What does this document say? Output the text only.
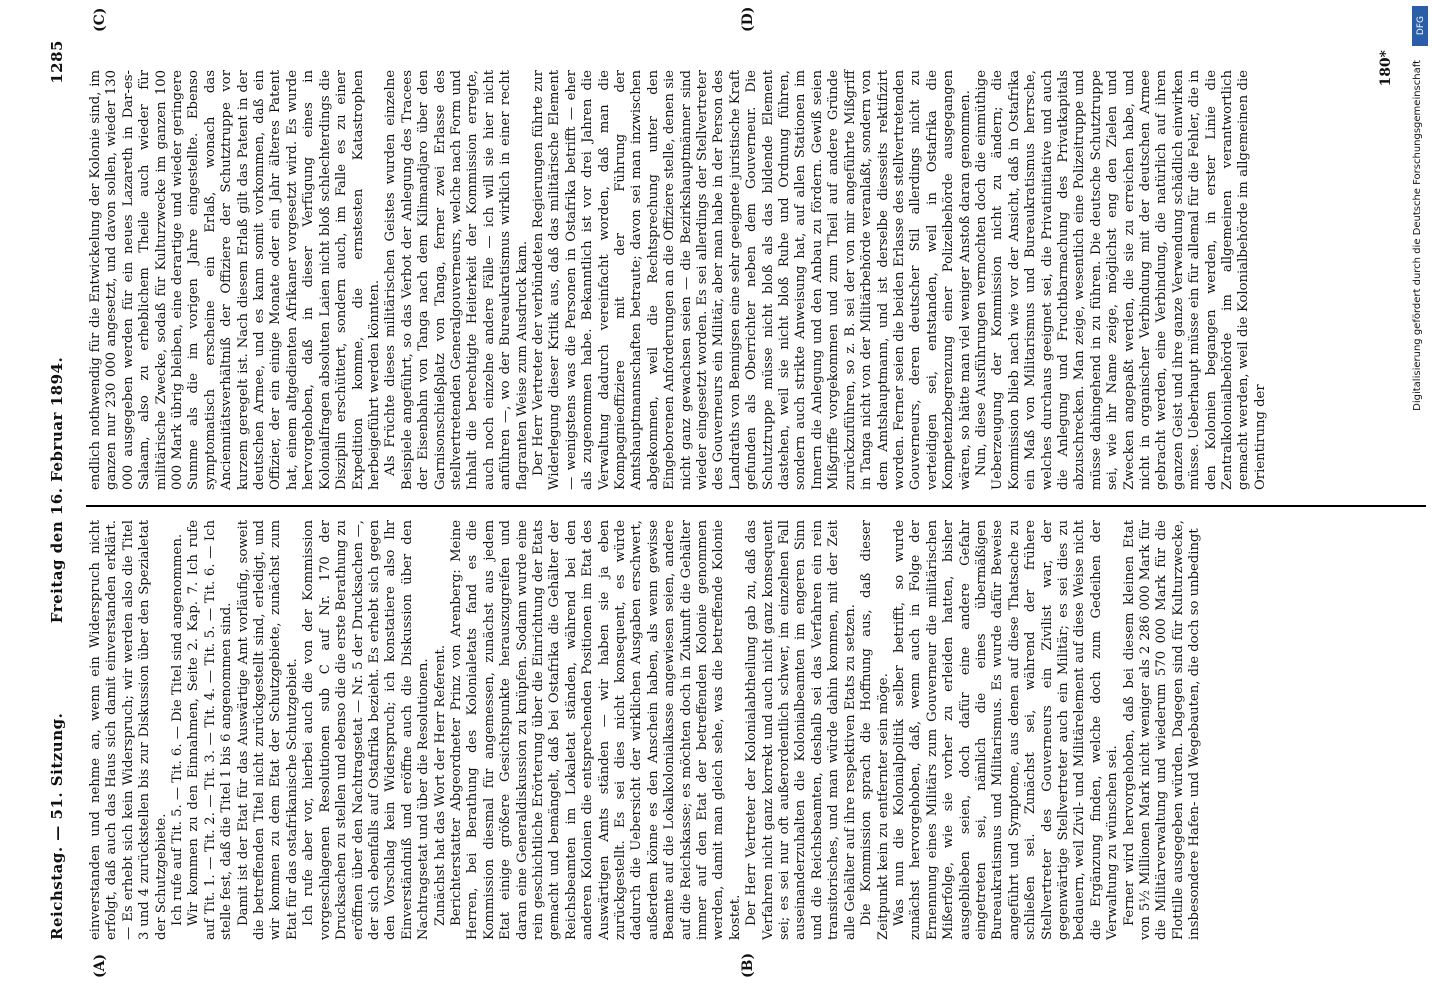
Reichstag. — 51. Sitzung.
Freitag den 16. Februar 1894.
1285
(A)	(B)
(C)	(D)

einverstanden und nehme an, wenn ein Widerspruch nicht erfolgt, daß auch das Haus sich damit einverstanden erklärt. — Es erhebt sich kein Widerspruch; wir werden also die Titel 3 und 4 zurückstellen bis zur Diskussion über den Spezialetat der Schutzgebiete. Ich rufe auf Tit. 5. — Tit. 6. — Die Titel sind angenommen. Wir kommen zu den Einnahmen, Seite 2. Kap. 7. Ich rufe auf Tit. 1. — Tit. 2. — Tit. 3. — Tit. 4. — Tit. 5. — Tit. 6. — Ich stelle fest, daß die Titel 1 bis 6 angenommen sind. Damit ist der Etat für das Auswärtige Amt vorläufig, soweit die betreffenden Titel nicht zurückgestellt sind, erledigt, und wir kommen zu dem Etat der Schutzgebiete, zunächst zum Etat für das ostafrikanische Schutzgebiet. Ich rufe aber vor, hierbei auch die von der Kommission vorgeschlagenen Resolutionen sub C auf Nr. 170 der Drucksachen zu stellen und ebenso die die erste Berathung zu eröffnen über den Nachtragsetat — Nr. 5 der Drucksachen —, der sich ebenfalls auf Ostafrika bezieht. Es erhebt sich gegen den Vorschlag kein Widerspruch; ich konstatiere also Ihr Einverständniß und eröffne auch die Diskussion über den Nachtragsetat und über die Resolutionen. Zunächst hat das Wort der Herr Referent. Berichterstatter Abgeordneter Prinz von Arenberg: Meine Herren, bei Berathung des Kolonialetats fand es die Kommission diesmal für angemessen, zunächst aus jedem Etat einige größere Gesichtspunkte herauszugreifen und daran eine Generaldiskussion zu knüpfen. Sodann wurde eine rein geschichtliche Erörterung über die Einrichtung der Etats gemacht und bemängelt, daß bei Ostafrika die Gehälter der Reichsbeamten im Lokaletat ständen, während bei den anderen Kolonien die entsprechenden Positionen im Etat des Auswärtigen Amts ständen — wir haben sie ja eben zurückgestellt. Es sei dies nicht konsequent, es würde dadurch die Uebersicht der wirklichen Ausgaben erschwert, außerdem könne es den Anschein haben, als wenn gewisse Beamte auf die Lokalkolonialkasse angewiesen seien, andere auf die Reichskasse; es möchten doch in Zukunft die Gehälter immer auf den Etat der betreffenden Kolonie genommen werden, damit man gleich sehe, was die betreffende Kolonie kostet. Der Herr Vertreter der Kolonialabtheilung gab zu, daß das Verfahren nicht ganz korrekt und auch nicht ganz konsequent sei; es sei nur oft außerordentlich schwer, im einzelnen Fall auseinanderzuhalten die Kolonialbeamten im engeren Sinn und die Reichsbeamten, deshalb sei das Verfahren ein rein transitorisches, und man würde dahin kommen, mit der Zeit alle Gehälter auf ihre respektiven Etats zu setzen. Die Kommission sprach die Hoffnung aus, daß dieser Zeitpunkt kein zu entfernter sein möge. Was nun die Kolonialpolitik selber betrifft, so wurde zunächst hervorgehoben, daß, wenn auch in Folge der Ernennung eines Militärs zum Gouverneur die militärischen Mißerfolge, wie sie vorher zu erleiden hatten, bisher ausgeblieben seien, doch dafür eine andere Gefahr eingetreten sei, nämlich die eines übermäßigen Bureaukratismus und Militarismus. Es wurde dafür Beweise angeführt und Symptome, aus denen auf diese Thatsache zu schließen sei. Zunächst sei, während der frühere Stellvertreter des Gouverneurs ein Zivilist war, der gegenwärtige Stellvertreter auch ein Militär; es sei dies zu bedauern, weil Zivil- und Militärelement auf diese Weise nicht die Ergänzung finden, welche doch zum Gedeihen der Verwaltung zu wünschen sei. Ferner wird hervorgehoben, daß bei diesem kleinen Etat von 5½ Millionen Mark nicht weniger als 2 286 000 Mark für die Militärverwaltung und wiederum 570 000 Mark für die Flottille ausgegeben würden. Dagegen sind für Kulturzwecke, insbesondere Hafen- und Wegebauten, die doch so unbedingt

endlich nothwendig für die Entwickelung der Kolonie sind, im ganzen nur 230 000 angesetzt, und davon sollen, wieder 130 000 ausgegeben werden für ein neues Lazareth in Dar-es-Salaam, also zu erheblichem Theile auch wieder für militärische Zwecke, sodaß für Kulturzwecke im ganzen 100 000 Mark übrig bleiben, eine derartige und wieder geringere Summe als die im vorigen Jahre eingestellte. Ebenso symptomatisch erscheine ein Erlaß, wonach das Anciennitätsverhältniß der Offiziere der Schutztruppe vor kurzem geregelt ist. Nach diesem Erlaß gilt das Patent in der deutschen Armee, und es kann somit vorkommen, daß ein Offizier, der ein einige Monate oder ein Jahr älteres Patent hat, einem altgedienten Afrikaner vorgesetzt wird. Es wurde hervorgehoben, daß in dieser Verfügung eines in Kolonialfragen absoluten Laien nicht bloß schlechterdings die Disziplin erschüttert, sondern auch, im Falle es zu einer Expedition komme, die ernstesten Katastrophen herbeigeführt werden könnten. Als Früchte dieses militärischen Geistes wurden einzelne Beispiele angeführt, so das Verbot der Anlegung des Tracees der Eisenbahn von Tanga nach dem Kilimandjaro über den Garnisonschießplatz von Tanga, ferner zwei Erlasse des stellvertretenden Generalgouverneurs, welche nach Form und Inhalt die berechtigte Heiterkeit der Kommission erregte, auch noch einzelne andere Fälle — ich will sie hier nicht anführen —, wo der Bureaukratismus wirklich in einer recht flagranten Weise zum Ausdruck kam. Der Herr Vertreter der verbündeten Regierungen führte zur Widerlegung dieser Kritik aus, daß das militärische Element — wenigstens was die Personen in Ostafrika betrifft — eher als zugenommen habe. Bekanntlich ist vor drei Jahren die Verwaltung dadurch vereinfacht worden, daß man die Kompagnieoffiziere mit der Führung der Amtshauptmannschaften betraute; davon sei man inzwischen abgekommen, weil die Rechtsprechung unter den Eingeborenen Anforderungen an die Offiziere stelle, denen sie nicht ganz gewachsen seien — die Bezirkshauptmänner sind wieder eingesetzt worden. Es sei allerdings der Stellvertreter des Gouverneurs ein Militär, aber man habe in der Person des Landraths von Bennigsen eine sehr geeignete juristische Kraft gefunden als Oberrichter neben dem Gouverneur. Die Schutztruppe müsse nicht bloß als das bildende Element dastehen, weil sie nicht bloß Ruhe und Ordnung führen, sondern auch strikte Anweisung hat, auf allen Stationen im Innern die Anlegung und den Anbau zu fördern. Gewiß seien Mißgriffe vorgekommen und zum Theil auf andere Gründe zurückzuführen, so z. B. sei der von mir angeführte Mißgriff in Tanga nicht von der Militärbehörde veranlaßt, sondern von dem Amtshauptmann, und ist derselbe diesseits rektifizirt worden. Ferner seien die beiden Erlasse des stellvertretenden Gouverneurs, deren deutscher Stil allerdings nicht zu verteidigen sei, entstanden, weil in Ostafrika die Kompetenzbegrenzung einer Polizeibehörde ausgegangen wären, so hätte man viel weniger Anstoß daran genommen. Nun, diese Ausführungen vermochten doch die einmüthige Ueberzeugung der Kommission nicht zu ändern; die Kommission blieb nach wie vor der Ansicht, daß in Ostafrika ein Maß von Militarismus und Bureaukratismus herrsche, welches durchaus geeignet sei, die Privatinitiative und auch die Anlegung und Fruchtbarmachung des Privatkapitals abzuschrecken. Man zeige, wesentlich eine Polizeitruppe und müsse dahingehend in zu führen. Die deutsche Schutztruppe sei, wie ihr Name zeige, möglichst eng den Zielen und Zwecken angepaßt werden, die sie zu erreichen habe, und nicht in organischer Verbindung mit der deutschen Armee gebracht werden, eine Verbindung, die natürlich auf ihren ganzen Geist und ihre ganze Verwendung schädlich einwirken müsse. Ueberhaupt müsse ein für allemal für die Fehler, die in den Kolonien begangen werden, in erster Linie die Zentralkolonialbehörde im allgemeinen verantwortlich gemacht werden, weil die Kolonialbehörde im allgemeinen die Orientirung der

180*
DFG
Digitalisierung gefördert durch die Deutsche Forschungsgemeinschaft
